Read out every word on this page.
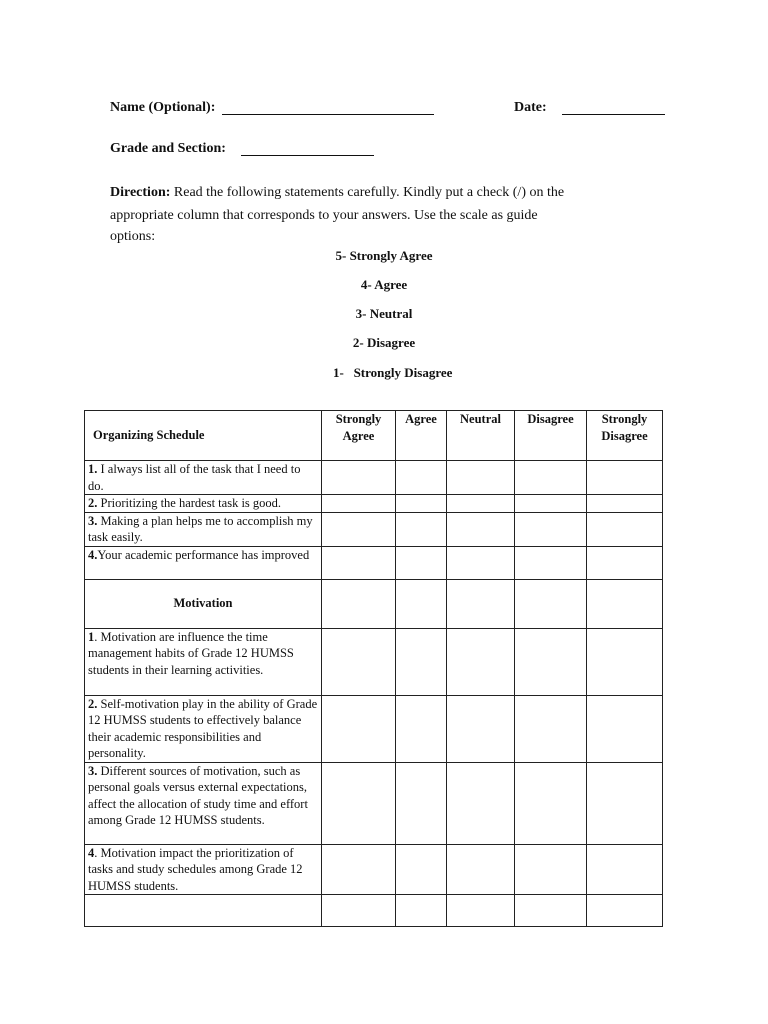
Name (Optional):	Date:
Grade and Section:
Direction: Read the following statements carefully. Kindly put a check (/) on the
appropriate column that corresponds to your answers. Use the scale as guide
options:
5- Strongly Agree
4- Agree
3- Neutral
2- Disagree
1-   Strongly Disagree
Organizing Schedule	Strongly Agree	Agree	Neutral	Disagree	Strongly Disagree
1. I always list all of the task that I need to do.					
2. Prioritizing the hardest task is good.					
3. Making a plan helps me to accomplish my task easily.					
4.Your academic performance has improved					
Motivation					
1. Motivation are influence the time management habits of Grade 12 HUMSS students in their learning activities.					
2. Self-motivation play in the ability of Grade 12 HUMSS students to effectively balance their academic responsibilities and personality.					
3. Different sources of motivation, such as personal goals versus external expectations, affect the allocation of study time and effort among Grade 12 HUMSS students.					
4. Motivation impact the prioritization of tasks and study schedules among Grade 12 HUMSS students.					
